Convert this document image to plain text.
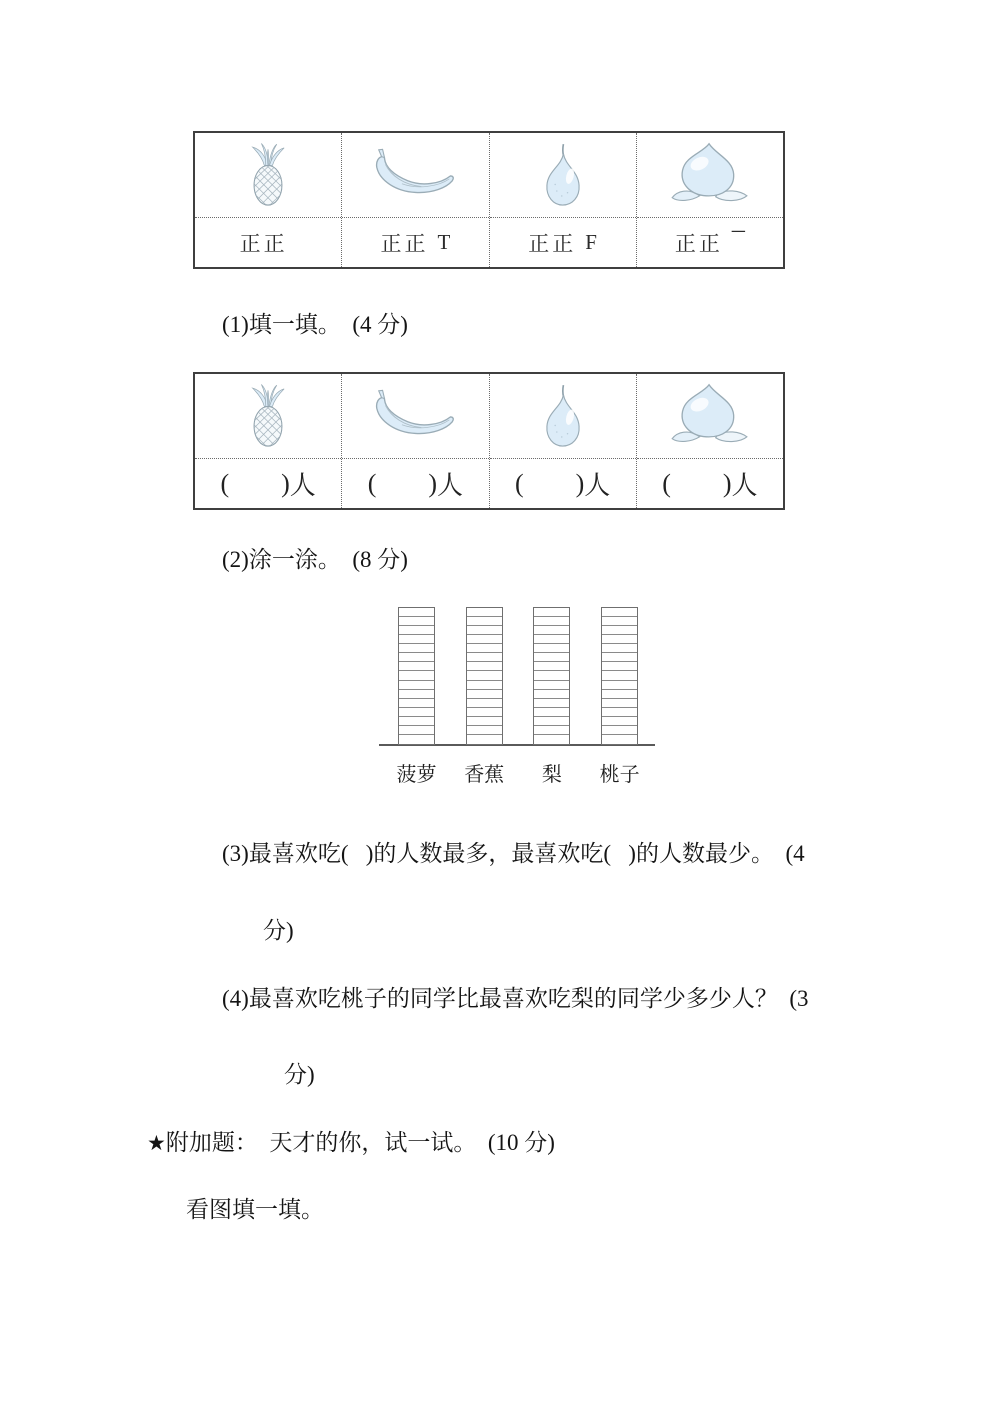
正正	正正 T	正正 F	正正 ¯
(1)填一填。  (4 分)
( ) 人 ( ) 人 ( ) 人 ( ) 人
(2)涂一涂。  (8 分)
菠萝 香蕉 梨 桃子
(3)最喜欢吃(   )的人数最多，最喜欢吃(   )的人数最少。  (4
分)
(4)最喜欢吃桃子的同学比最喜欢吃梨的同学少多少人？  (3
分)
★附加题：  天才的你，试一试。  (10 分)
看图填一填。
